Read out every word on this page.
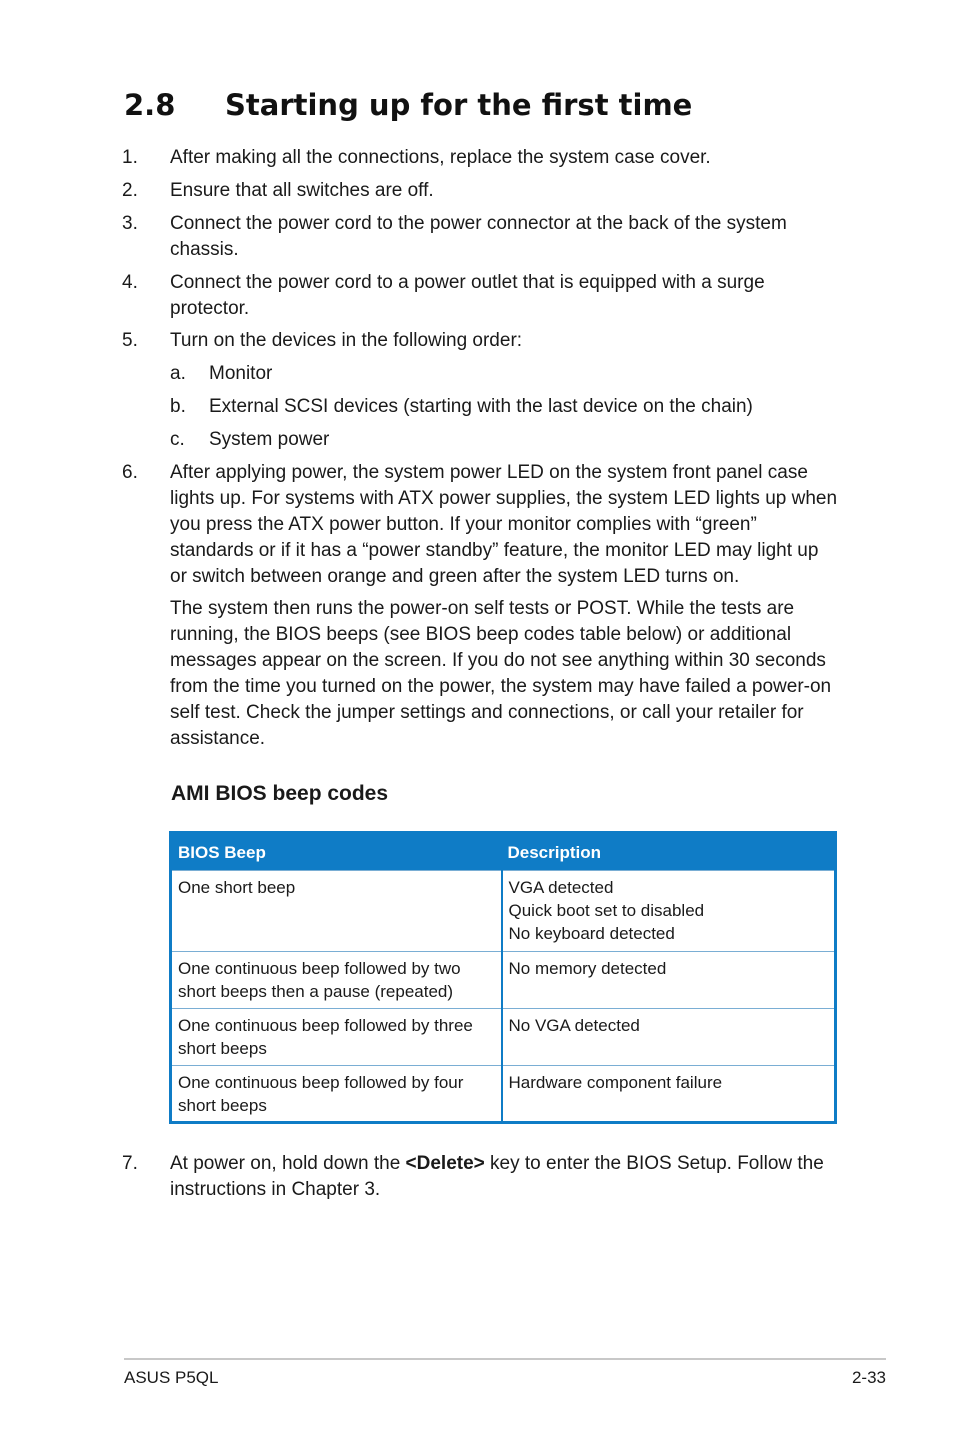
2.8 Starting up for the first time
1. After making all the connections, replace the system case cover.
2. Ensure that all switches are off.
3. Connect the power cord to the power connector at the back of the system chassis.
4. Connect the power cord to a power outlet that is equipped with a surge protector.
5. Turn on the devices in the following order:
a. Monitor
b. External SCSI devices (starting with the last device on the chain)
c. System power
6. After applying power, the system power LED on the system front panel case lights up. For systems with ATX power supplies, the system LED lights up when you press the ATX power button. If your monitor complies with “green” standards or if it has a “power standby” feature, the monitor LED may light up or switch between orange and green after the system LED turns on.
The system then runs the power-on self tests or POST. While the tests are running, the BIOS beeps (see BIOS beep codes table below) or additional messages appear on the screen. If you do not see anything within 30 seconds from the time you turned on the power, the system may have failed a power-on self test. Check the jumper settings and connections, or call your retailer for assistance.
AMI BIOS beep codes
BIOS Beep	Description
One short beep	VGA detected
Quick boot set to disabled
No keyboard detected

One continuous beep followed by two short beeps then a pause (repeated)	No memory detected

One continuous beep followed by three short beeps	No VGA detected

One continuous beep followed by four short beeps	Hardware component failure
7. At power on, hold down the <Delete> key to enter the BIOS Setup. Follow the instructions in Chapter 3.
ASUS P5QL	2-33
